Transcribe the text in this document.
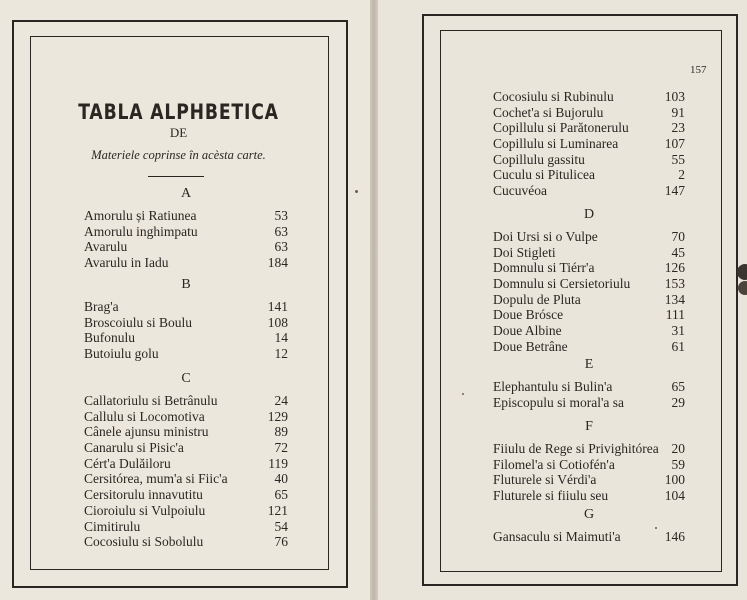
TABLA ALPHBETICA
DE
Materiele coprinse în acèsta carte.
A
Amorulu și Ratiunea	53
Amorulu inghimpatu	63
Avarulu	63
Avarulu in Iadu	184
B
Brag'a	141
Broscoiulu si Boulu	108
Bufonulu	14
Butoiulu golu	12
C
Callatoriulu si Betrânulu	24
Callulu si Locomotiva	129
Cânele ajunsu ministru	89
Canarulu si Pisic'a	72
Cért'a Dulăiloru	119
Cersitórea, mum'a si Fiic'a	40
Cersitorulu innavutitu	65
Cioroiulu si Vulpoiulu	121
Cimitirulu	54
Cocosiulu si Sobolulu	76
157
Cocosiulu si Rubinulu	103
Cochet'a si Bujorulu	91
Copillulu si Parătonerulu	23
Copillulu si Luminarea	107
Copillulu gassitu	55
Cuculu si Pitulicea	2
Cucuvéoa	147
D
Doi Ursi si o Vulpe	70
Doi Stigleti	45
Domnulu si Tiérr'a	126
Domnulu si Cersietoriulu	153
Dopulu de Pluta	134
Doue Brósce	111
Doue Albine	31
Doue Betrâne	61
E
Elephantulu si Bulin'a	65
Episcopulu si moral'a sa	29
F
Fiiulu de Rege si Privighitórea 20
Filomel'a si Cotiofén'a	59
Fluturele si Vérdi'a	100
Fluturele si fiiulu seu	104
G
Gansaculu si Maimuti'a	146
